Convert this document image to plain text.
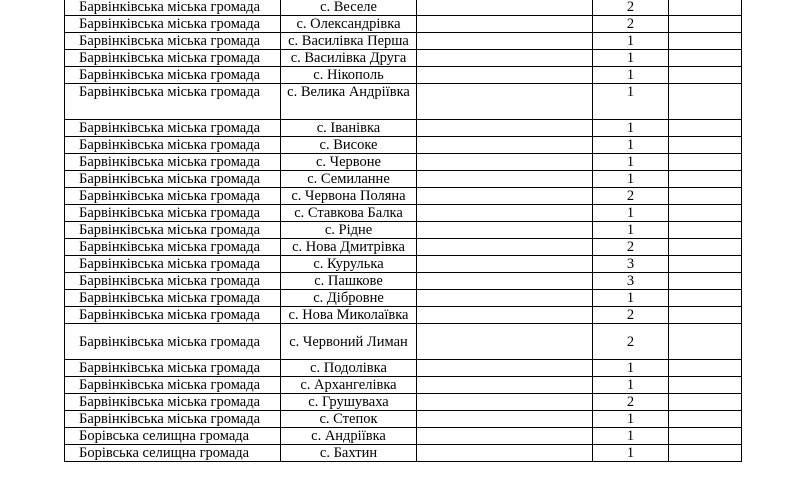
Барвінківська міська громада	с. Веселе		2	
Барвінківська міська громада	с. Олександрівка		2	
Барвінківська міська громада	с. Василівка Перша		1	
Барвінківська міська громада	с. Василівка Друга		1	
Барвінківська міська громада	с. Нікополь		1	
Барвінківська міська громада	с. Велика Андріївка		1	
Барвінківська міська громада	с. Іванівка		1	
Барвінківська міська громада	с. Високе		1	
Барвінківська міська громада	с. Червоне		1	
Барвінківська міська громада	с. Семиланне		1	
Барвінківська міська громада	с. Червона Поляна		2	
Барвінківська міська громада	с. Ставкова Балка		1	
Барвінківська міська громада	с. Рідне		1	
Барвінківська міська громада	с. Нова Дмитрівка		2	
Барвінківська міська громада	с. Курулька		3	
Барвінківська міська громада	с. Пашкове		3	
Барвінківська міська громада	с. Дібровне		1	
Барвінківська міська громада	с. Нова Миколаївка		2	
Барвінківська міська громада	с. Червоний Лиман		2	
Барвінківська міська громада	с. Подолівка		1	
Барвінківська міська громада	с. Архангелівка		1	
Барвінківська міська громада	с. Грушуваха		2	
Барвінківська міська громада	с. Степок		1	
Борівська селищна громада	с. Андріївка		1	
Борівська селищна громада	с. Бахтин		1	
